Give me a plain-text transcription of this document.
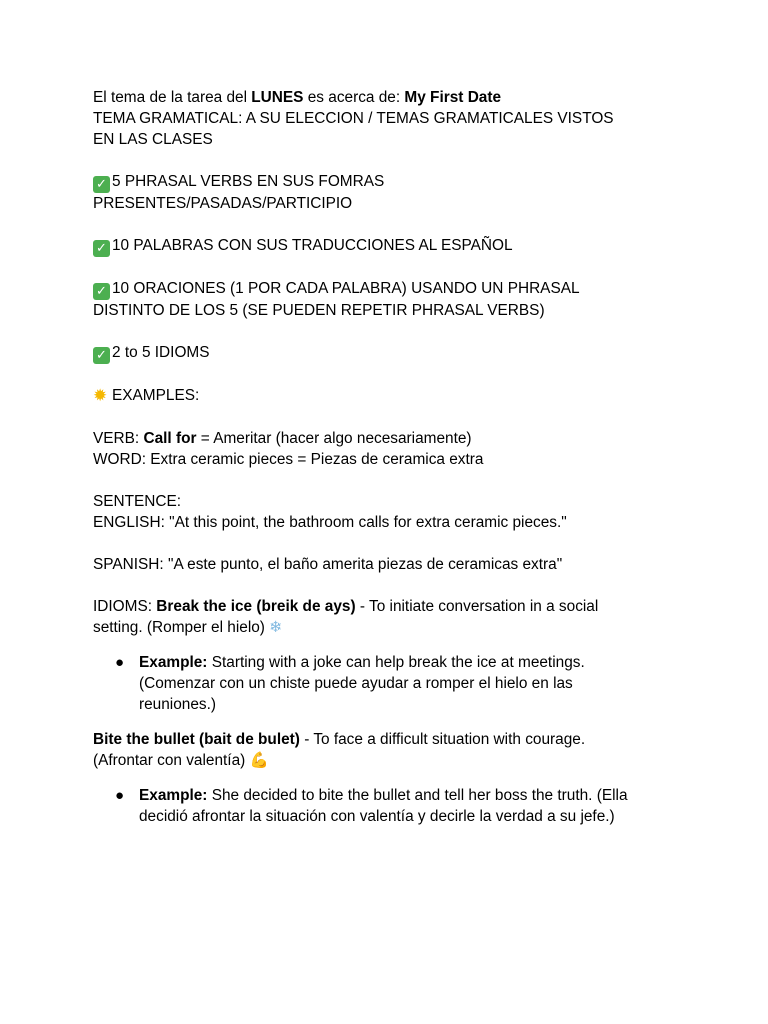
El tema de la tarea del LUNES es acerca de: My First Date

TEMA GRAMATICAL: A SU ELECCION / TEMAS GRAMATICALES VISTOS

EN LAS CLASES

✓ 5 PHRASAL VERBS EN SUS FOMRAS

PRESENTES/PASADAS/PARTICIPIO

✓ 10 PALABRAS CON SUS TRADUCCIONES AL ESPAÑOL

✓ 10 ORACIONES (1 POR CADA PALABRA) USANDO UN PHRASAL

DISTINTO DE LOS 5 (SE PUEDEN REPETIR PHRASAL VERBS)

✓ 2 to 5 IDIOMS

✹ EXAMPLES:

VERB: Call for = Ameritar (hacer algo necesariamente)

WORD: Extra ceramic pieces = Piezas de ceramica extra

SENTENCE:

ENGLISH: "At this point, the bathroom calls for extra ceramic pieces."

SPANISH: "A este punto, el baño amerita piezas de ceramicas extra"

IDIOMS: Break the ice (breik de ays) - To initiate conversation in a social

setting. (Romper el hielo) ❄

● Example: Starting with a joke can help break the ice at meetings.

(Comenzar con un chiste puede ayudar a romper el hielo en las

reuniones.)

Bite the bullet (bait de bulet) - To face a difficult situation with courage.

(Afrontar con valentía) 💪

● Example: She decided to bite the bullet and tell her boss the truth. (Ella

decidió afrontar la situación con valentía y decirle la verdad a su jefe.)
